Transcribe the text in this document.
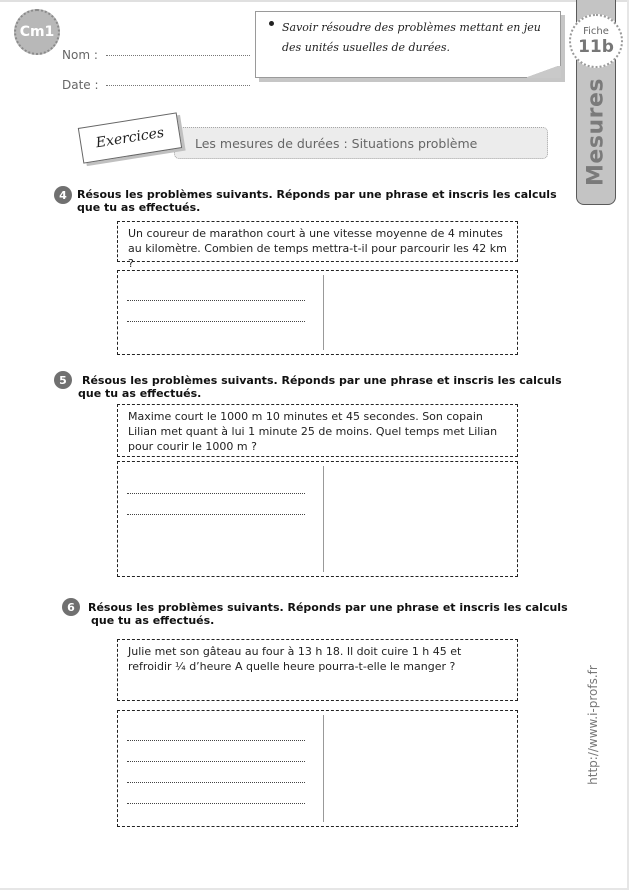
Cm1
Nom :
Date :
Savoir résoudre des problèmes mettant en jeu des unités usuelles de durées.
Mesures
Fiche
11b
Les mesures de durées : Situations problème
Exercices
4 Résous les problèmes suivants. Réponds par une phrase et inscris les calculs
que tu as effectués.
Un coureur de marathon court à une vitesse moyenne de 4 minutes au kilomètre. Combien de temps mettra-t-il pour parcourir les 42 km ?
5	Résous les problèmes suivants. Réponds par une phrase et inscris les calculs
que tu as effectués.
Maxime court le 1000 m 10 minutes et 45 secondes. Son copain Lilian met quant à lui 1 minute 25 de moins. Quel temps met Lilian pour courir le 1000 m ?
6 Résous les problèmes suivants. Réponds par une phrase et inscris les calculs
que tu as effectués.
Julie met son gâteau au four à 13 h 18. Il doit cuire 1 h 45 et refroidir ¼ d’heure A quelle heure pourra-t-elle le manger ?	http://www.i-profs.fr
